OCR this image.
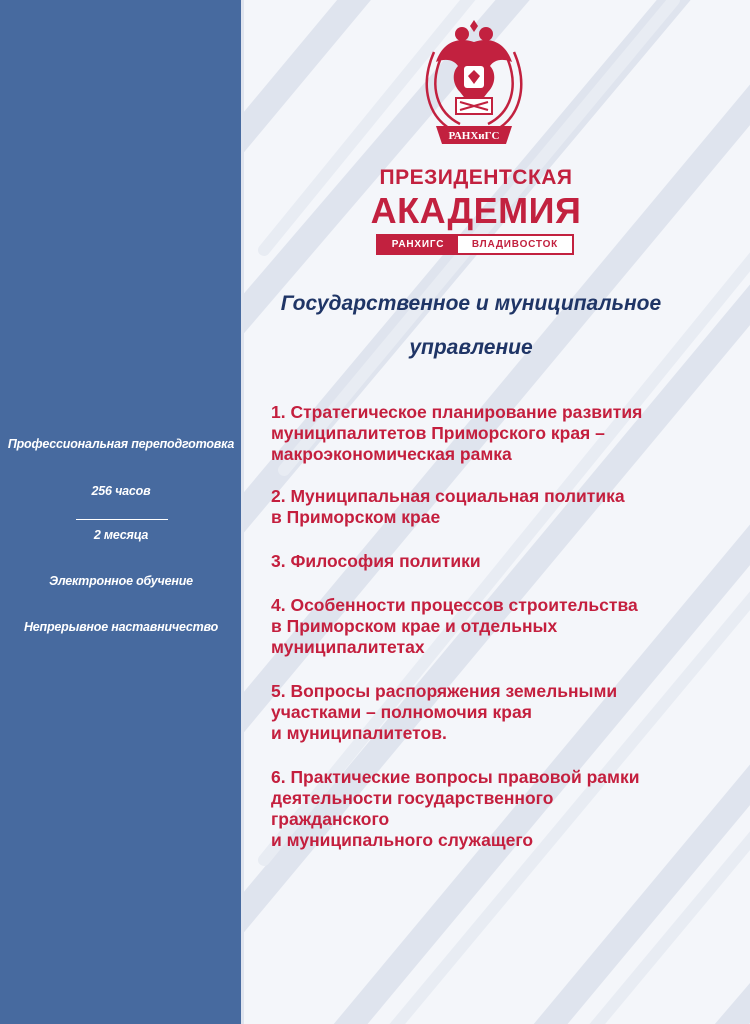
Профессиональная переподготовка
256 часов
2 месяца
Электронное обучение
Непрерывное наставничество
РАНХиГС
ПРЕЗИДЕНТСКАЯ
АКАДЕМИЯ
РАНХИГС	ВЛАДИВОСТОК
Государственное и муниципальное
управление
1. Стратегическое планирование развития
муниципалитетов Приморского края –
макроэкономическая рамка
2. Муниципальная социальная политика
в Приморском крае
3. Философия политики
4. Особенности процессов строительства
в Приморском крае и отдельных
муниципалитетах
5. Вопросы распоряжения земельными
участками – полномочия края
и муниципалитетов.
6. Практические вопросы правовой рамки
деятельности государственного
гражданского
и муниципального служащего
